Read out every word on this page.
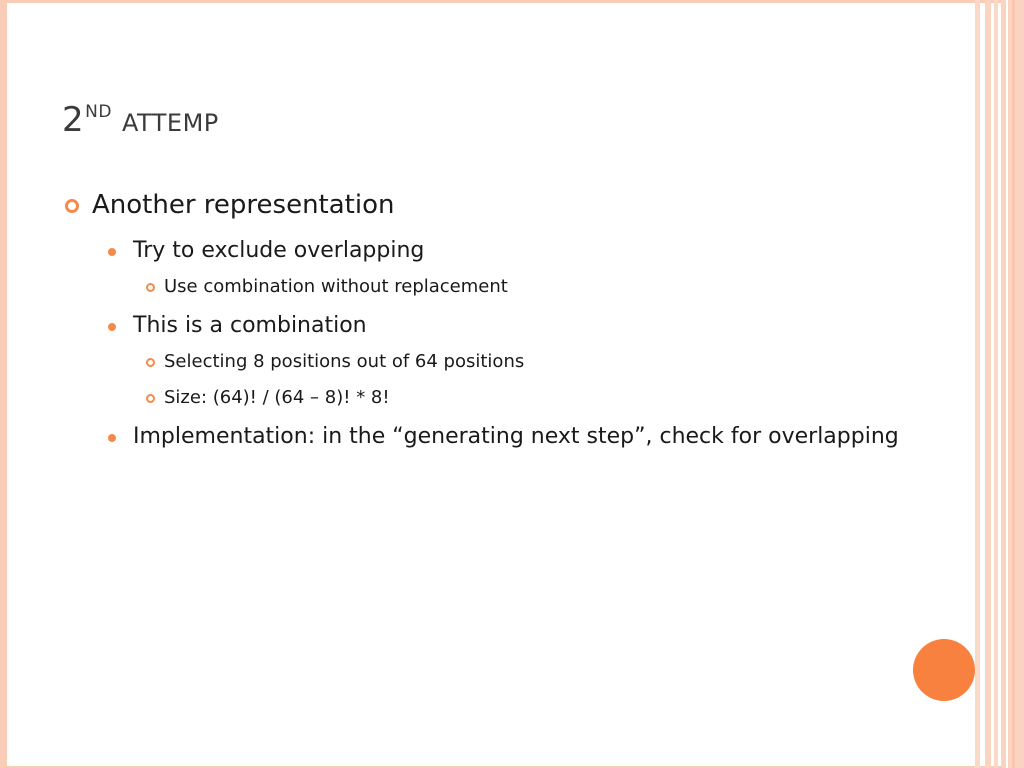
2ND ATTEMP

Another representation

Try to exclude overlapping

Use combination without replacement

This is a combination

Selecting 8 positions out of 64 positions

Size: (64)! / (64 – 8)! * 8!

Implementation: in the “generating next step”, check for overlapping
